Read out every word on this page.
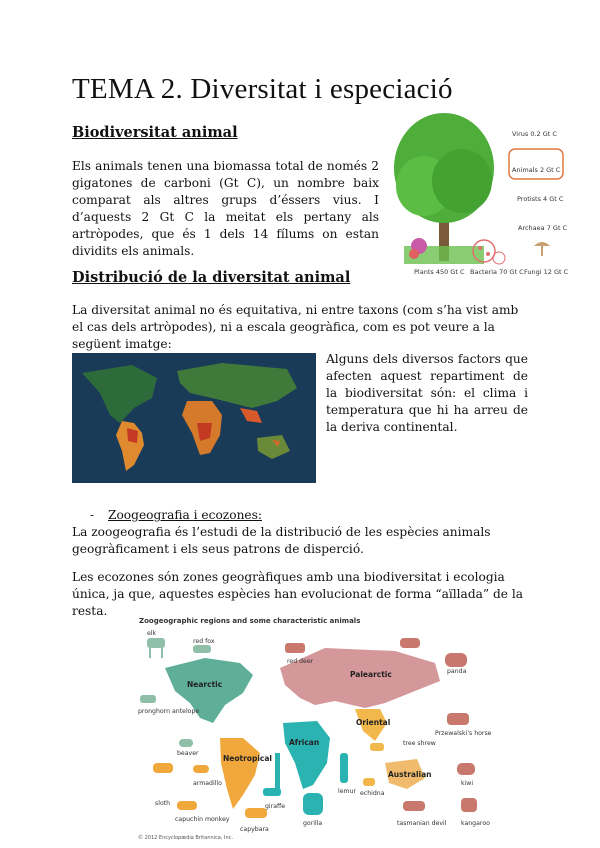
TEMA 2. Diversitat i especiació
Biodiversitat animal

Els animals tenen una biomassa total de només 2 gigatones de carboni (Gt C), un nombre baix comparat als altres grups d’éssers vius. I d’aquests 2 Gt C la meitat els pertany als artròpodes, que és 1 dels 14 fílums on estan dividits els animals.

Virus 0.2 Gt C
Animals 2 Gt C
Protists 4 Gt C
Archaea 7 Gt C
Plants 450 Gt C Bacteria 70 Gt C Fungi 12 Gt C
Distribució de la diversitat animal

La diversitat animal no és equitativa, ni entre taxons (com s’ha vist amb el cas dels artròpodes), ni a escala geogràfica, com es pot veure a la següent imatge:

Alguns dels diversos factors que afecten aquest repartiment de la biodiversitat són: el clima i temperatura que hi ha arreu de la deriva continental.

- Zoogeografia i ecozones:

La zoogeografia és l’estudi de la distribució de les espècies animals geogràficament i els seus patrons de disperció.

Les ecozones són zones geogràfiques amb una biodiversitat i ecologia única, ja que, aquestes espècies han evolucionat de forma “aïllada” de la resta.

Zoogeographic regions and some characteristic animals
Nearctic
Palearctic
Neotropical
African
Oriental
Australian
elk
red fox
red deer
pronghorn antelope
beaver
armadillo
sloth
capuchin monkey
capybara
giraffe
gorilla
lemur
tree shrew
kiwi
kangaroo
tasmanian devil
panda
Przewalski's horse
echidna
© 2012 Encyclopædia Britannica, Inc.
